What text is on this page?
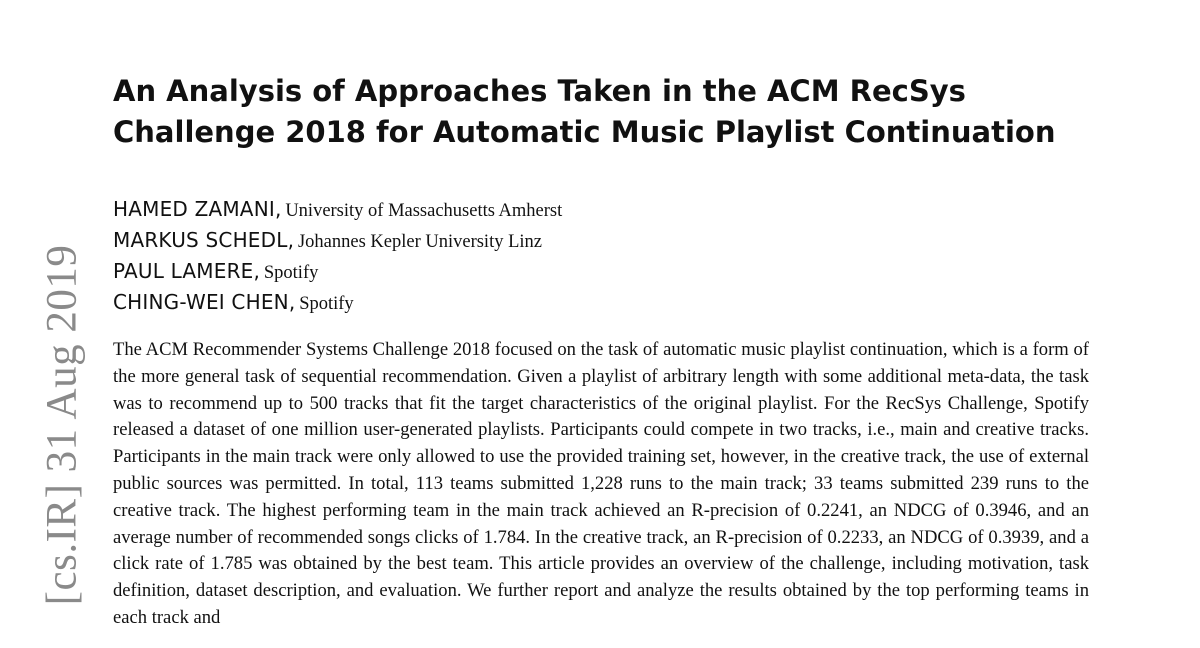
[cs.IR] 31 Aug 2019
An Analysis of Approaches Taken in the ACM RecSys Challenge 2018 for Automatic Music Playlist Continuation
HAMED ZAMANI, University of Massachusetts Amherst
MARKUS SCHEDL, Johannes Kepler University Linz
PAUL LAMERE, Spotify
CHING-WEI CHEN, Spotify

The ACM Recommender Systems Challenge 2018 focused on the task of automatic music playlist continuation, which is a form of the more general task of sequential recommendation. Given a playlist of arbitrary length with some additional meta-data, the task was to recommend up to 500 tracks that fit the target characteristics of the original playlist. For the RecSys Challenge, Spotify released a dataset of one million user-generated playlists. Participants could compete in two tracks, i.e., main and creative tracks. Participants in the main track were only allowed to use the provided training set, however, in the creative track, the use of external public sources was permitted. In total, 113 teams submitted 1,228 runs to the main track; 33 teams submitted 239 runs to the creative track. The highest performing team in the main track achieved an R-precision of 0.2241, an NDCG of 0.3946, and an average number of recommended songs clicks of 1.784. In the creative track, an R-precision of 0.2233, an NDCG of 0.3939, and a click rate of 1.785 was obtained by the best team. This article provides an overview of the challenge, including motivation, task definition, dataset description, and evaluation. We further report and analyze the results obtained by the top performing teams in each track and
